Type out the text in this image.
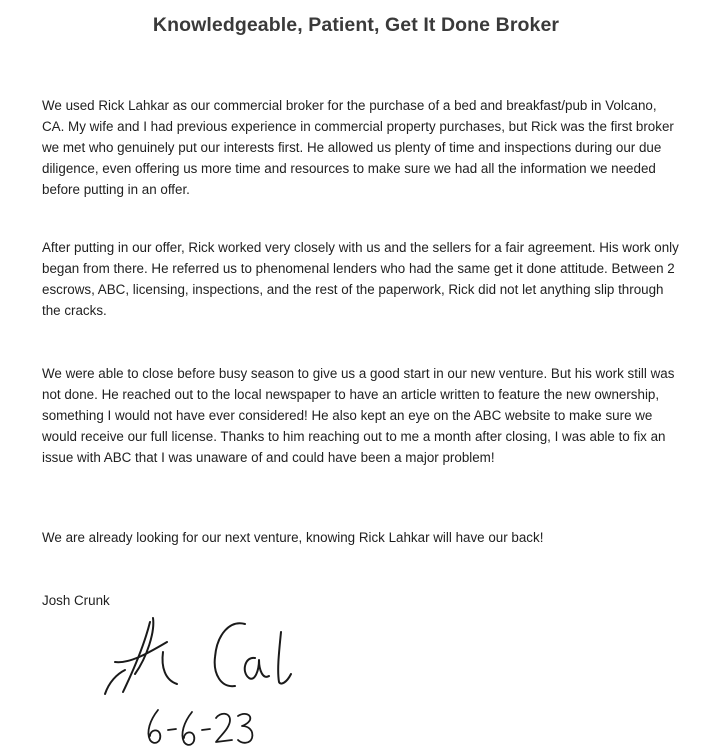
Knowledgeable, Patient, Get It Done Broker

We used Rick Lahkar as our commercial broker for the purchase of a bed and breakfast/pub in Volcano, CA. My wife and I had previous experience in commercial property purchases, but Rick was the first broker we met who genuinely put our interests first. He allowed us plenty of time and inspections during our due diligence, even offering us more time and resources to make sure we had all the information we needed before putting in an offer.

After putting in our offer, Rick worked very closely with us and the sellers for a fair agreement. His work only began from there. He referred us to phenomenal lenders who had the same get it done attitude. Between 2 escrows, ABC, licensing, inspections, and the rest of the paperwork, Rick did not let anything slip through the cracks.

We were able to close before busy season to give us a good start in our new venture. But his work still was not done. He reached out to the local newspaper to have an article written to feature the new ownership, something I would not have ever considered! He also kept an eye on the ABC website to make sure we would receive our full license. Thanks to him reaching out to me a month after closing, I was able to fix an issue with ABC that I was unaware of and could have been a major problem!

We are already looking for our next venture, knowing Rick Lahkar will have our back!

Josh Crunk
